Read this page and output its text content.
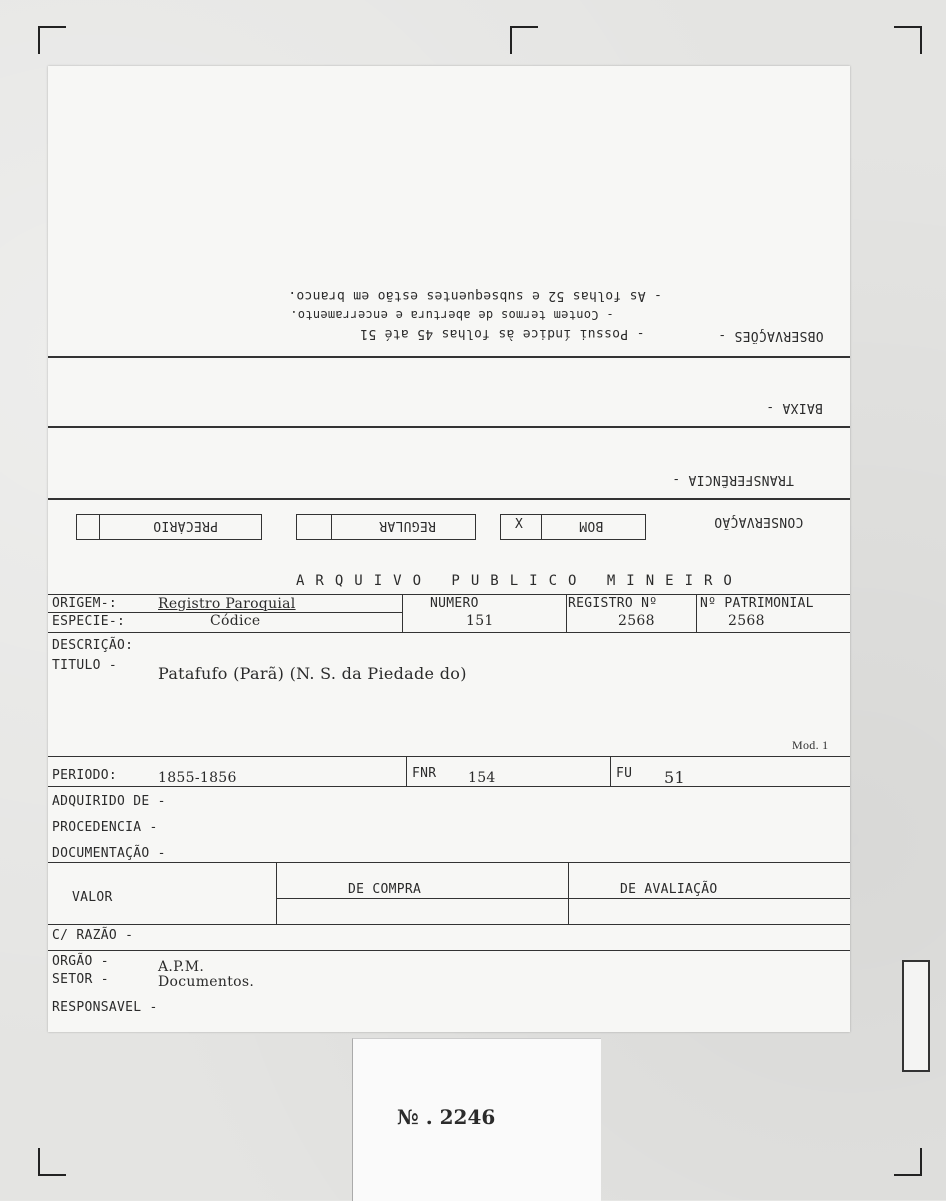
- As folhas 52 e subsequentes estão em branco.
- Contem termos de abertura e encerramento.
- Possui índice às folhas 45 até 51	OBSERVAÇÕES -
BAIXA -
TRANSFERÊNCIA -
CONSERVAÇÃO
X	BOM
REGULAR
PRECÁRIO
ARQUIVO PUBLICO MINEIRO
ORIGEM-:	Registro Paroquial
ESPECIE-:	Códice
NUMERO
151
REGISTRO Nº
2568
Nº PATRIMONIAL
2568
DESCRIÇÃO:
TITULO -	Patafufo (Parã) (N. S. da Piedade do)
Mod. 1
PERIODO:	1855-1856	FNR 154	FU 51
ADQUIRIDO DE -
PROCEDENCIA -
DOCUMENTAÇÃO -
VALOR
DE COMPRA	DE AVALIAÇÃO
C/ RAZÃO -
ORGÃO -	A.P.M.
SETOR -	Documentos.
RESPONSAVEL -
№ . 2246
